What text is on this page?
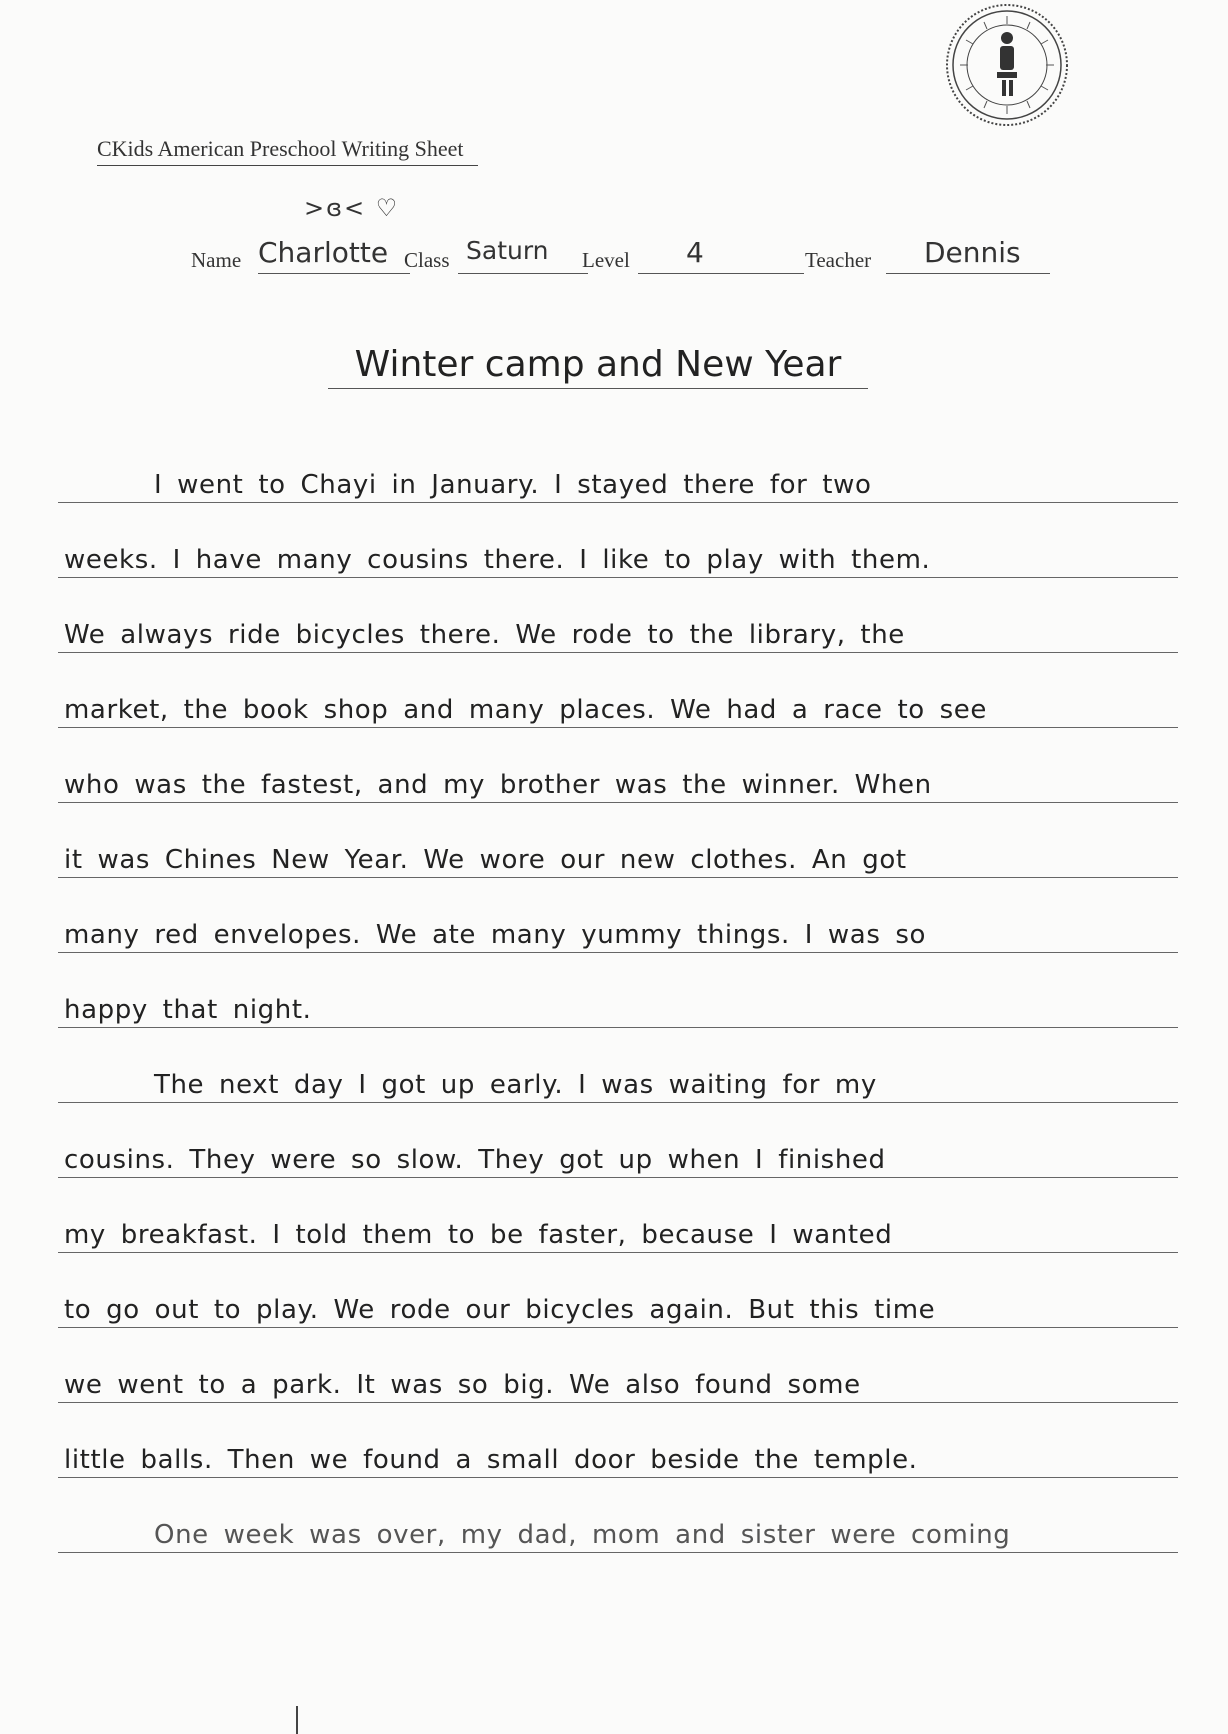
CKids American Preschool Writing Sheet
>ɞ< ♡
Name Charlotte Class Saturn	Level	4	Teacher	Dennis
Winter camp and New Year
I went to Chayi in January. I stayed there for two
weeks. I have many cousins there. I like to play with them.
We always ride bicycles there. We rode to the library, the
market, the book shop and many places. We had a race to see
who was the fastest, and my brother was the winner. When
it was Chines New Year. We wore our new clothes. An got
many red envelopes. We ate many yummy things. I was so
happy that night.
The next day I got up early. I was waiting for my
cousins. They were so slow. They got up when I finished
my breakfast. I told them to be faster, because I wanted
to go out to play. We rode our bicycles again. But this time
we went to a park. It was so big. We also found some
little balls. Then we found a small door beside the temple.
One week was over, my dad, mom and sister were coming
